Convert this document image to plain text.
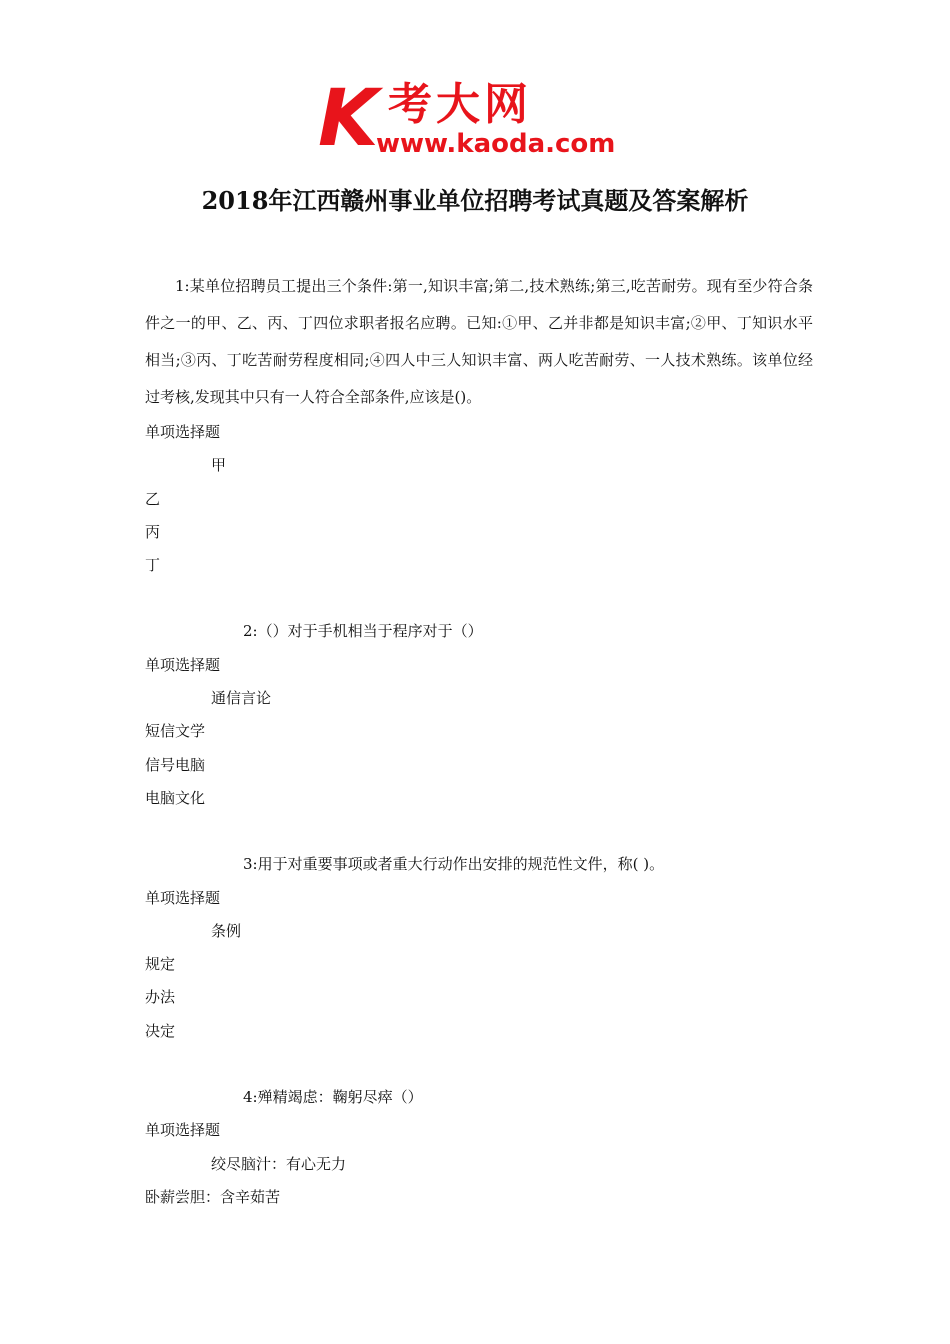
K 考大网
www.kaoda.com
2018年江西赣州事业单位招聘考试真题及答案解析

1:某单位招聘员工提出三个条件:第一,知识丰富;第二,技术熟练;第三,吃苦耐劳。现有至少符合条件之一的甲、乙、丙、丁四位求职者报名应聘。已知:①甲、乙并非都是知识丰富;②甲、丁知识水平相当;③丙、丁吃苦耐劳程度相同;④四人中三人知识丰富、两人吃苦耐劳、一人技术熟练。该单位经过考核,发现其中只有一人符合全部条件,应该是()。

单项选择题

甲

乙

丙

丁

2:（）对于手机相当于程序对于（）

单项选择题

通信言论

短信文学

信号电脑

电脑文化

3:用于对重要事项或者重大行动作出安排的规范性文件，称( )。

单项选择题

条例

规定

办法

决定

4:殚精竭虑：鞠躬尽瘁（）

单项选择题

绞尽脑汁：有心无力

卧薪尝胆：含辛茹苦
